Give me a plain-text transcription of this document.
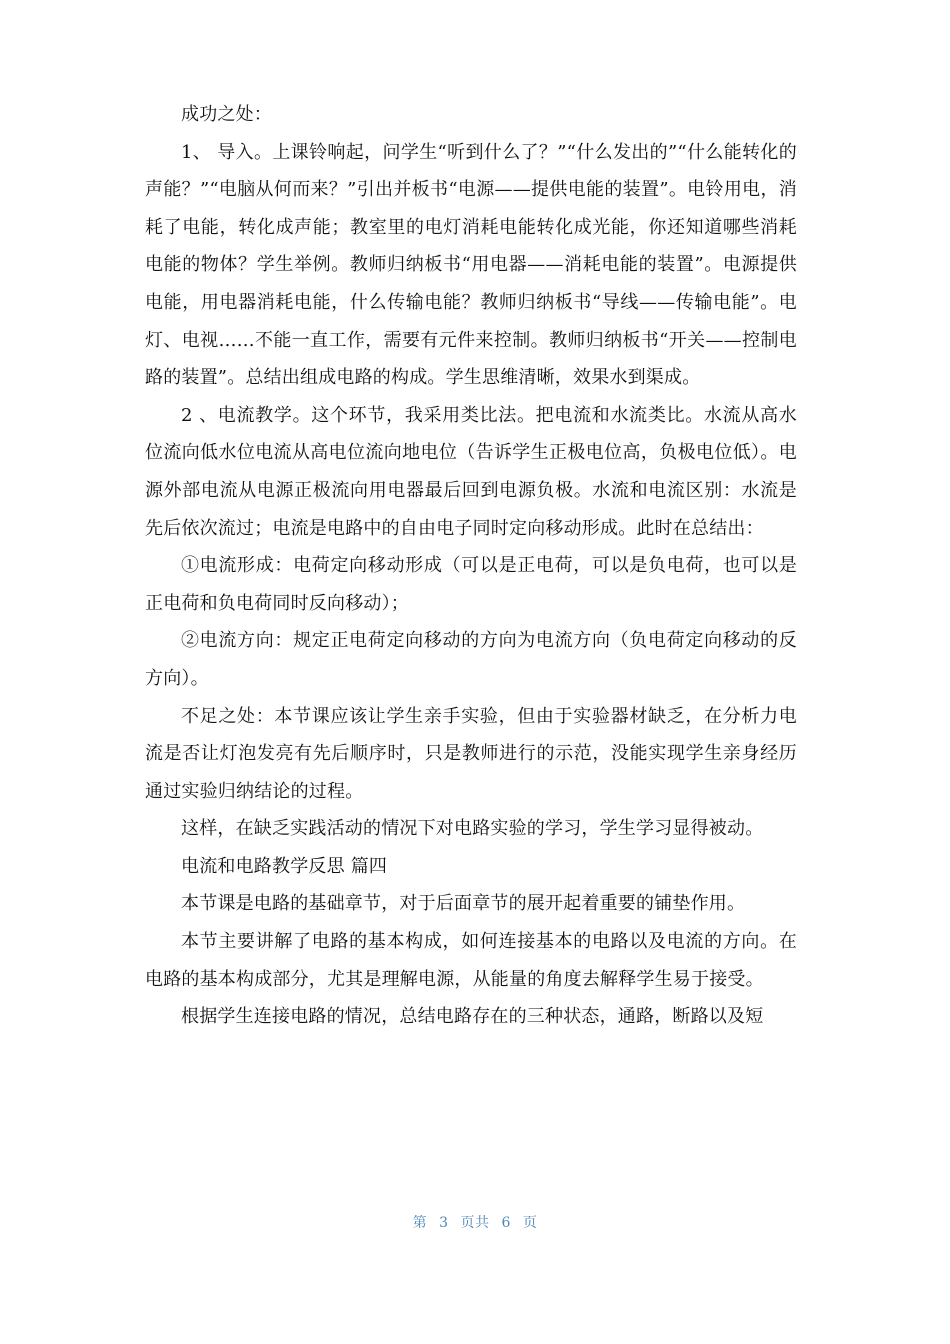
成功之处：

1、 导入。上课铃响起，问学生“听到什么了？”“什么发出的”“什么能转化的声能？”“电脑从何而来？”引出并板书“电源——提供电能的装置”。电铃用电，消耗了电能，转化成声能；教室里的电灯消耗电能转化成光能，你还知道哪些消耗电能的物体？学生举例。教师归纳板书“用电器——消耗电能的装置”。电源提供电能，用电器消耗电能，什么传输电能？教师归纳板书“导线——传输电能”。电灯、电视……不能一直工作，需要有元件来控制。教师归纳板书“开关——控制电路的装置”。总结出组成电路的构成。学生思维清晰，效果水到渠成。

2 、电流教学。这个环节，我采用类比法。把电流和水流类比。水流从高水位流向低水位电流从高电位流向地电位（告诉学生正极电位高，负极电位低）。电源外部电流从电源正极流向用电器最后回到电源负极。水流和电流区别：水流是先后依次流过；电流是电路中的自由电子同时定向移动形成。此时在总结出：

①电流形成：电荷定向移动形成（可以是正电荷，可以是负电荷，也可以是正电荷和负电荷同时反向移动）；

②电流方向：规定正电荷定向移动的方向为电流方向（负电荷定向移动的反方向）。

不足之处：本节课应该让学生亲手实验，但由于实验器材缺乏，在分析力电流是否让灯泡发亮有先后顺序时，只是教师进行的示范，没能实现学生亲身经历通过实验归纳结论的过程。

这样，在缺乏实践活动的情况下对电路实验的学习，学生学习显得被动。

电流和电路教学反思 篇四

本节课是电路的基础章节，对于后面章节的展开起着重要的铺垫作用。

本节主要讲解了电路的基本构成，如何连接基本的电路以及电流的方向。在电路的基本构成部分，尤其是理解电源，从能量的角度去解释学生易于接受。

根据学生连接电路的情况，总结电路存在的三种状态，通路，断路以及短

第 3 页共 6 页
